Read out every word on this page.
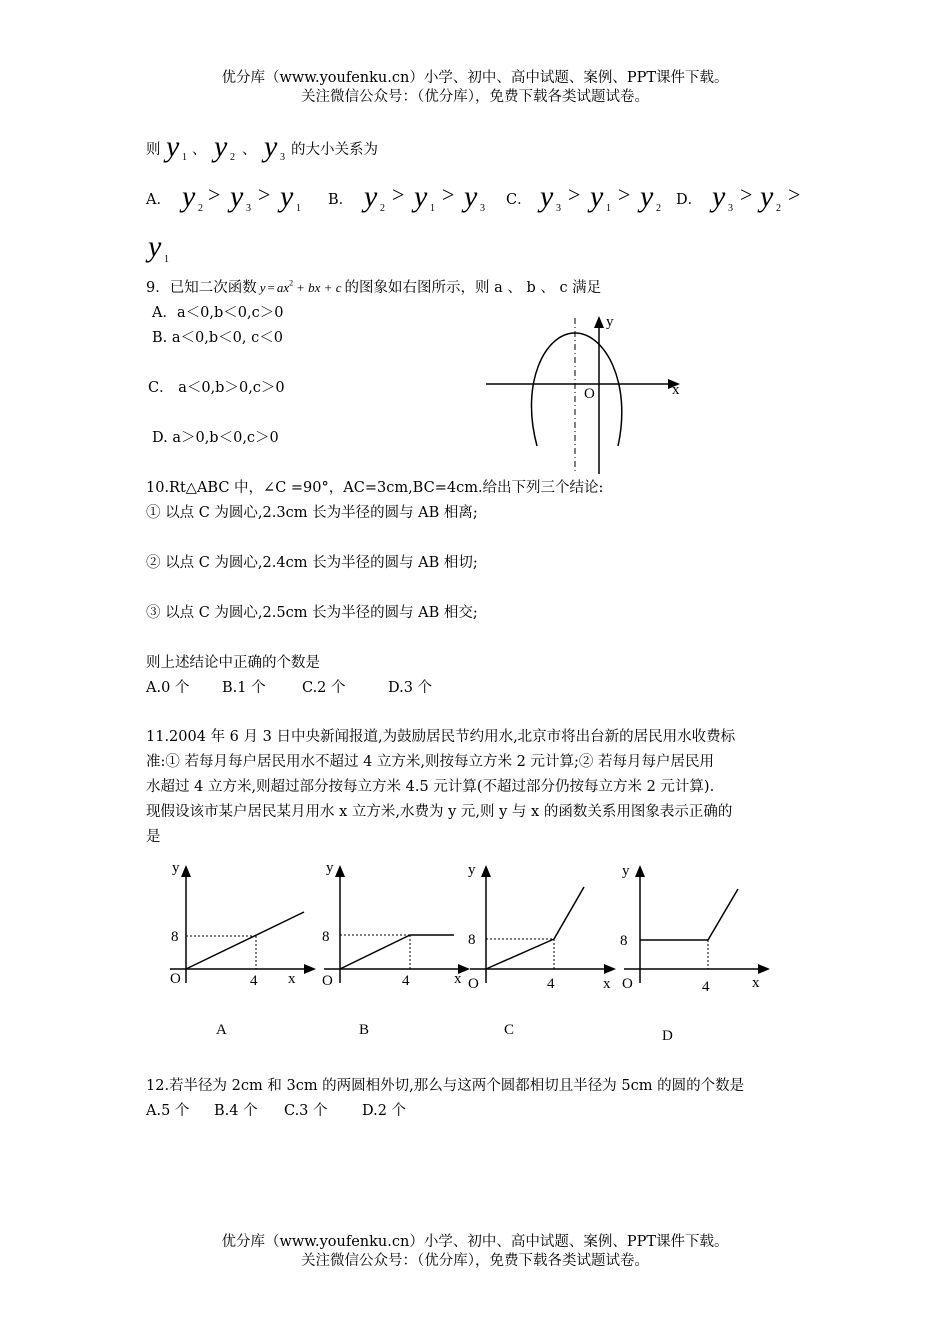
优分库（www.youfenku.cn）小学、初中、高中试题、案例、PPT课件下载。
关注微信公众号：（优分库），免费下载各类试题试卷。
则 y 1 、 y 2 、 y 3 的大小关系为
A． y 2
> y 3
> y 1
B． y 2
> y 1
> y 3
C． y 3
> y 1
> y 2
D． y 3
> y 2
>
y 1
9．已知二次函数 $y = ax^2$ + bx + c 的图象如右图所示，则 a 、 b 、 c 满足
A．a＜0,b＜0,c＞0
B. a＜0,b＜0, c＜0
C． a＜0,b＞0,c＞0
D. a＞0,b＜0,c＞0
y
x
O
10.Rt△ABC 中，∠C =90°，AC=3cm,BC=4cm.给出下列三个结论:
① 以点 C 为圆心,2.3cm 长为半径的圆与 AB 相离;
② 以点 C 为圆心,2.4cm 长为半径的圆与 AB 相切;
③ 以点 C 为圆心,2.5cm 长为半径的圆与 AB 相交;
则上述结论中正确的个数是
A.0 个 B.1 个	C.2 个	D.3 个
11.2004 年 6 月 3 日中央新闻报道,为鼓励居民节约用水,北京市将出台新的居民用水收费标
准:① 若每月每户居民用水不超过 4 立方米,则按每立方米 2 元计算;② 若每月每户居民用
水超过 4 立方米,则超过部分按每立方米 4.5 元计算(不超过部分仍按每立方米 2 元计算).
现假设该市某户居民某月用水 x 立方米,水费为 y 元,则 y 与 x 的函数关系用图象表示正确的
是
y
8
O	4 x
A
y
8
O	4	x
B
y
8
O	4	x
C
y
8
O	4	x
D
12.若半径为 2cm 和 3cm 的两圆相外切,那么与这两个圆都相切且半径为 5cm 的圆的个数是
A.5 个 B.4 个 C.3 个 D.2 个
优分库（www.youfenku.cn）小学、初中、高中试题、案例、PPT课件下载。
关注微信公众号：（优分库），免费下载各类试题试卷。
